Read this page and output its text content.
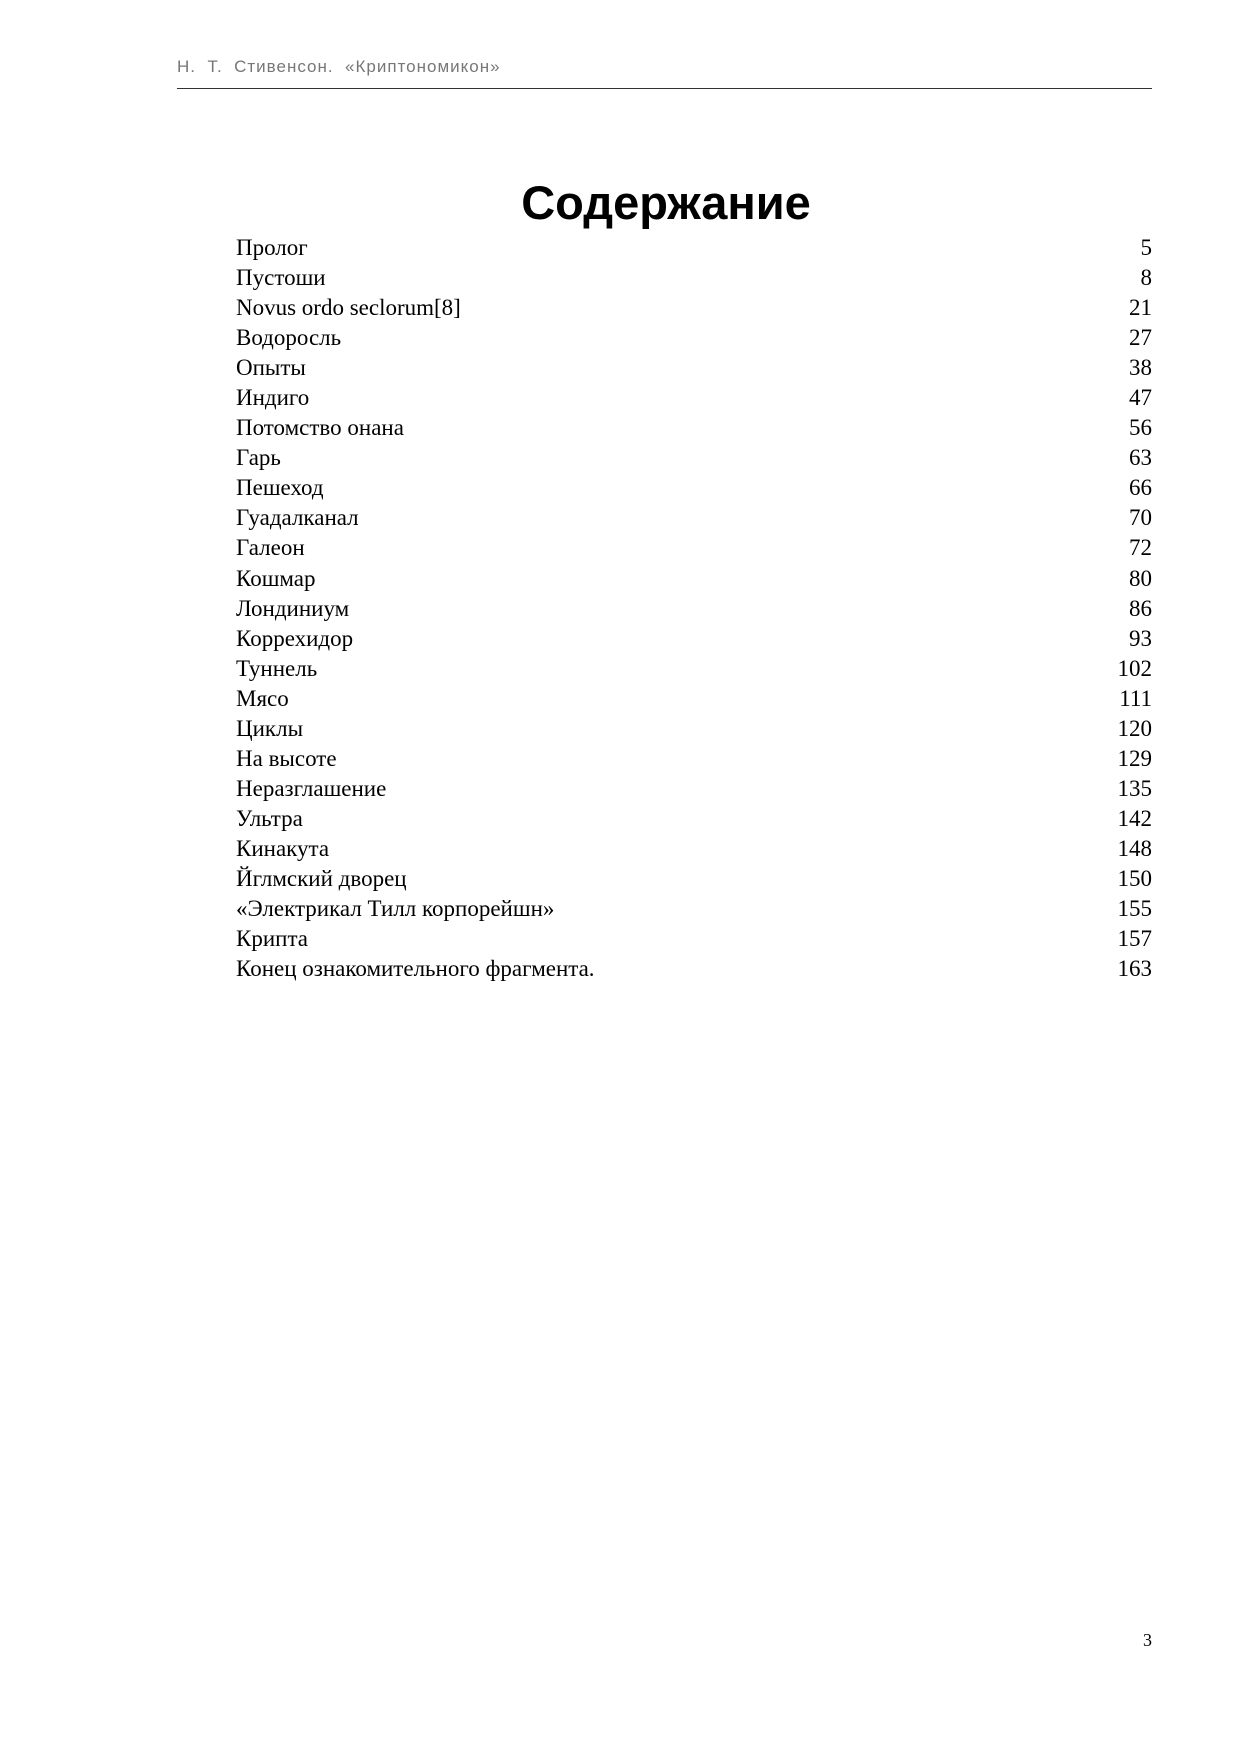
Н.  Т.  Стивенсон.  «Криптономикон»
Содержание
Пролог	5
Пустоши	8
Novus ordo seclorum[8]	21
Водоросль	27
Опыты	38
Индиго	47
Потомство онана	56
Гарь	63
Пешеход	66
Гуадалканал	70
Галеон	72
Кошмар	80
Лондиниум	86
Коррехидор	93
Туннель	102
Мясо	111
Циклы	120
На высоте	129
Неразглашение	135
Ультра	142
Кинакута	148
Йглмский дворец	150
«Электрикал Тилл корпорейшн»	155
Крипта	157
Конец ознакомительного фрагмента.	163
3
